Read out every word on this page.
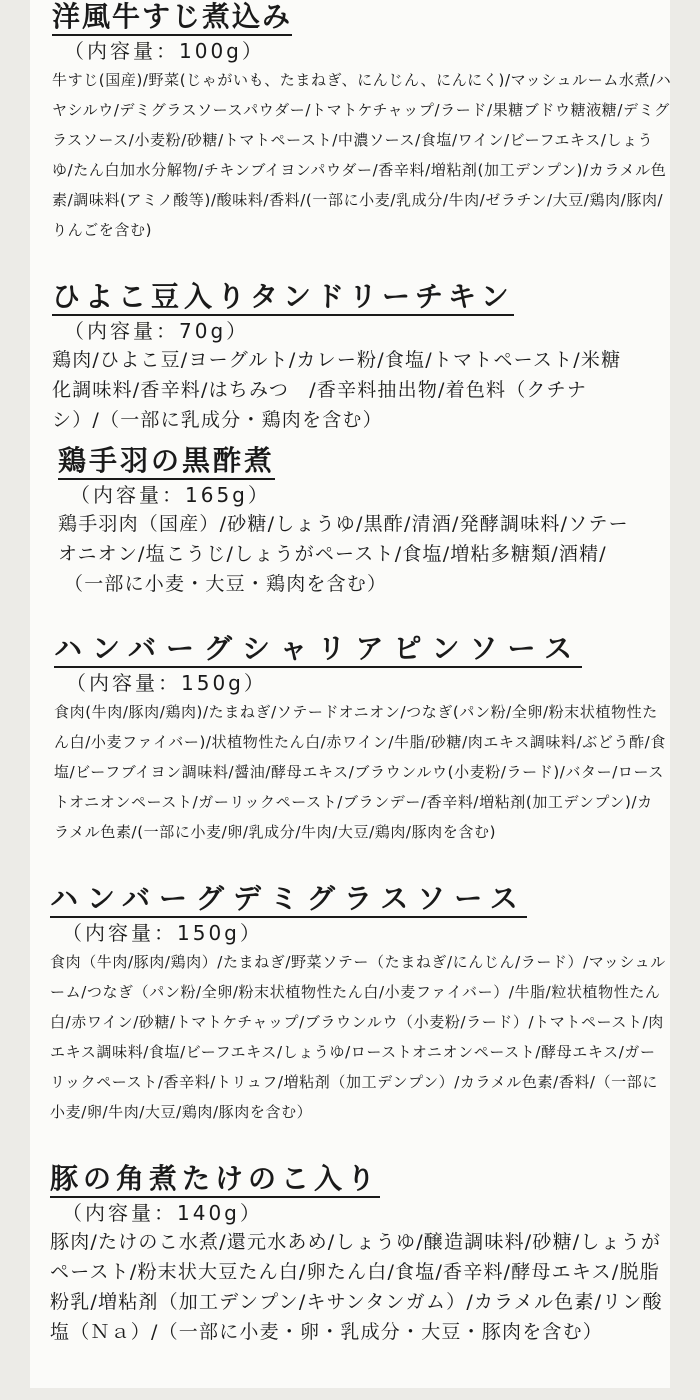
洋風牛すじ煮込み
（内容量：100g）
牛すじ(国産)/野菜(じゃがいも、たまねぎ、にんじん、にんにく)/マッシュルーム水煮/ハヤシルウ/デミグラスソースパウダー/トマトケチャップ/ラード/果糖ブドウ糖液糖/デミグラスソース/小麦粉/砂糖/トマトペースト/中濃ソース/食塩/ワイン/ビーフエキス/しょうゆ/たん白加水分解物/チキンブイヨンパウダー/香辛料/増粘剤(加工デンプン)/カラメル色素/調味料(アミノ酸等)/酸味料/香料/(一部に小麦/乳成分/牛肉/ゼラチン/大豆/鶏肉/豚肉/りんごを含む)
ひよこ豆入りタンドリーチキン
（内容量：70g）
鶏肉/ひよこ豆/ヨーグルト/カレー粉/食塩/トマトペースト/米糖化調味料/香辛料/はちみつ　/香辛料抽出物/着色料（クチナシ）/（一部に乳成分・鶏肉を含む）
鶏手羽の黒酢煮
（内容量：165g）
鶏手羽肉（国産）/砂糖/しょうゆ/黒酢/清酒/発酵調味料/ソテーオニオン/塩こうじ/しょうがペースト/食塩/増粘多糖類/酒精/
（一部に小麦・大豆・鶏肉を含む）
ハンバーグシャリアピンソース
（内容量：150g）
食肉(牛肉/豚肉/鶏肉)/たまねぎ/ソテードオニオン/つなぎ(パン粉/全卵/粉末状植物性たん白/小麦ファイバー)/状植物性たん白/赤ワイン/牛脂/砂糖/肉エキス調味料/ぶどう酢/食塩/ビーフブイヨン調味料/醤油/酵母エキス/ブラウンルウ(小麦粉/ラード)/バター/ローストオニオンペースト/ガーリックペースト/ブランデー/香辛料/増粘剤(加工デンプン)/カラメル色素/(一部に小麦/卵/乳成分/牛肉/大豆/鶏肉/豚肉を含む)
ハンバーグデミグラスソース
（内容量：150g）
食肉（牛肉/豚肉/鶏肉）/たまねぎ/野菜ソテー（たまねぎ/にんじん/ラード）/マッシュルーム/つなぎ（パン粉/全卵/粉末状植物性たん白/小麦ファイバー）/牛脂/粒状植物性たん白/赤ワイン/砂糖/トマトケチャップ/ブラウンルウ（小麦粉/ラード）/トマトペースト/肉エキス調味料/食塩/ビーフエキス/しょうゆ/ローストオニオンペースト/酵母エキス/ガーリックペースト/香辛料/トリュフ/増粘剤（加工デンプン）/カラメル色素/香料/（一部に小麦/卵/牛肉/大豆/鶏肉/豚肉を含む）
豚の角煮たけのこ入り
（内容量：140g）
豚肉/たけのこ水煮/還元水あめ/しょうゆ/醸造調味料/砂糖/しょうがペースト/粉末状大豆たん白/卵たん白/食塩/香辛料/酵母エキス/脱脂粉乳/増粘剤（加工デンプン/キサンタンガム）/カラメル色素/リン酸塩（Ｎａ）/（一部に小麦・卵・乳成分・大豆・豚肉を含む）
